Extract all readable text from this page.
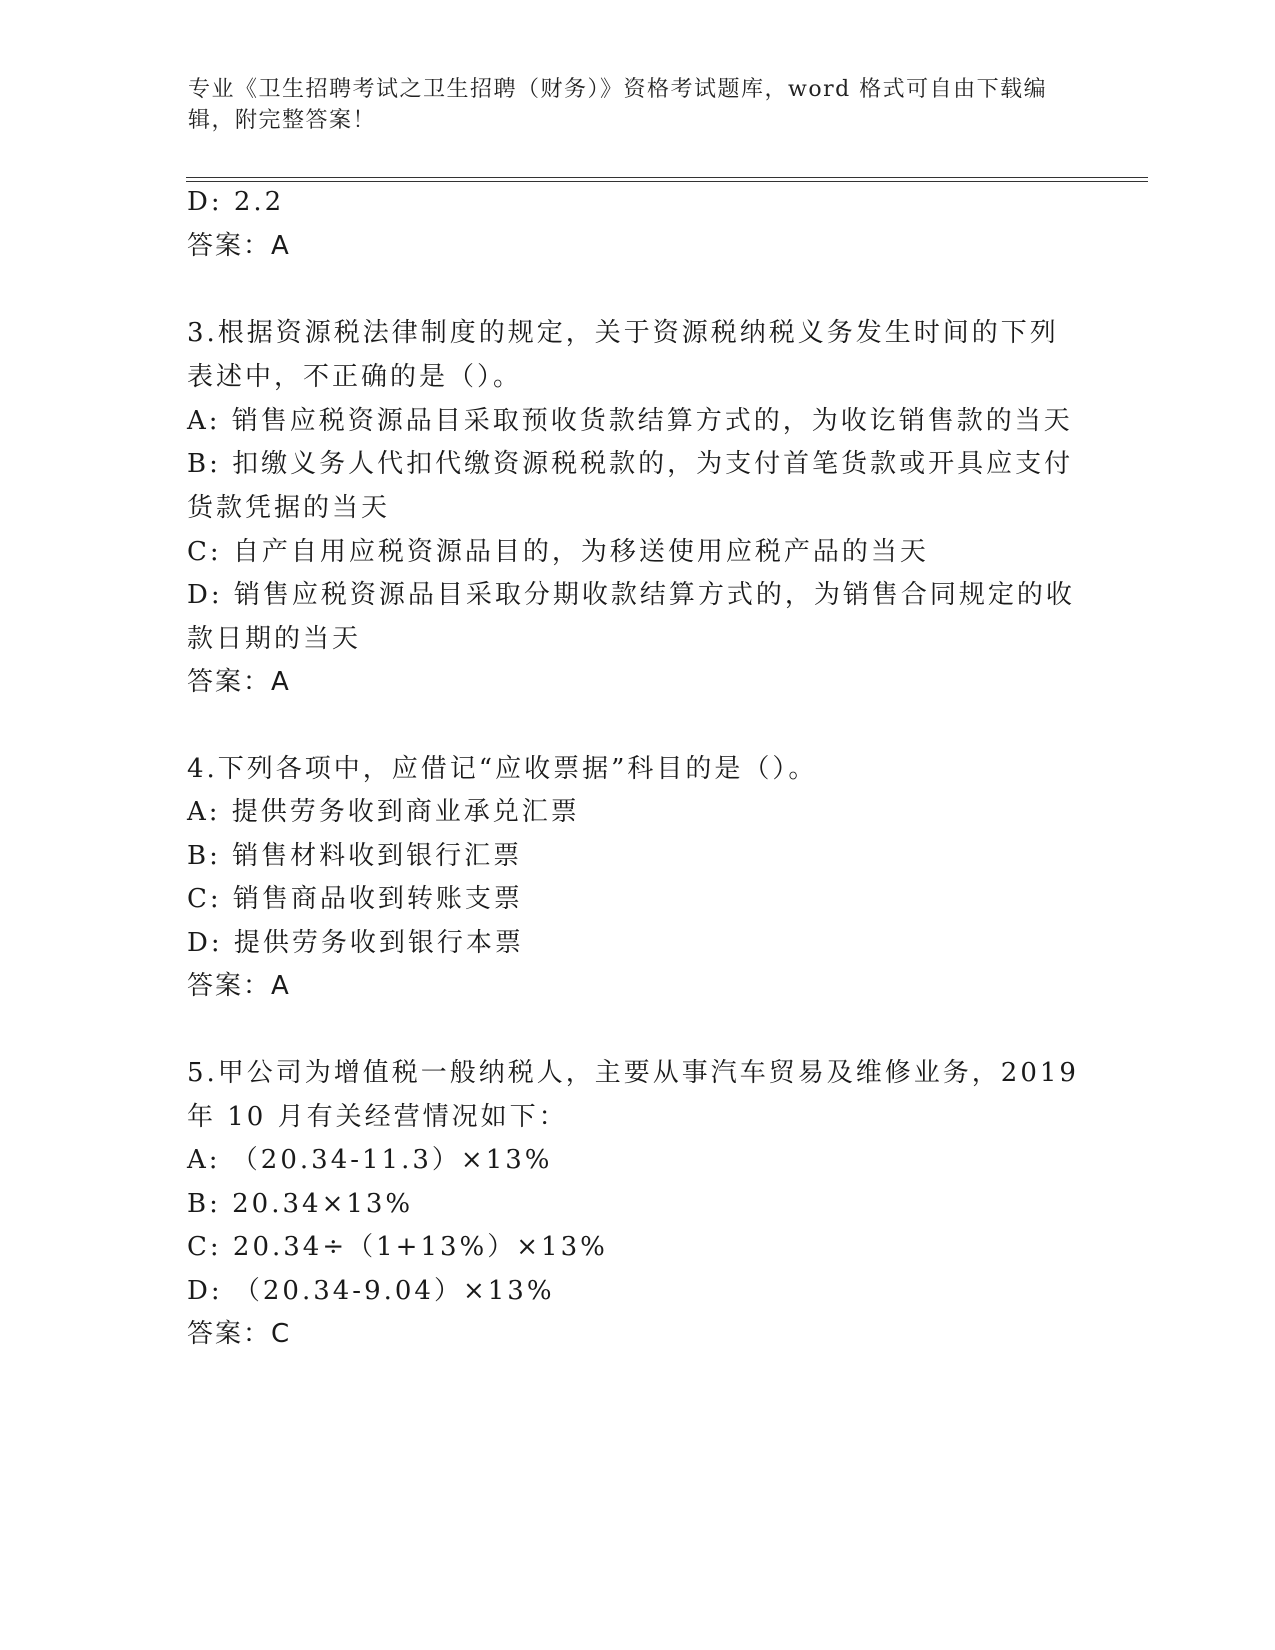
专业《卫生招聘考试之卫生招聘（财务）》资格考试题库，word 格式可自由下载编辑，附完整答案！
D: 2.2
答案：A
3.根据资源税法律制度的规定，关于资源税纳税义务发生时间的下列
表述中，不正确的是（）。
A: 销售应税资源品目采取预收货款结算方式的，为收讫销售款的当天
B: 扣缴义务人代扣代缴资源税税款的，为支付首笔货款或开具应支付
货款凭据的当天
C: 自产自用应税资源品目的，为移送使用应税产品的当天
D: 销售应税资源品目采取分期收款结算方式的，为销售合同规定的收
款日期的当天
答案：A
4.下列各项中，应借记“应收票据”科目的是（）。
A: 提供劳务收到商业承兑汇票
B: 销售材料收到银行汇票
C: 销售商品收到转账支票
D: 提供劳务收到银行本票
答案：A
5.甲公司为增值税一般纳税人，主要从事汽车贸易及维修业务，2019
年 10 月有关经营情况如下：
A: （20.34-11.3）×13%
B: 20.34×13%
C: 20.34÷（1+13%）×13%
D: （20.34-9.04）×13%
答案：C
